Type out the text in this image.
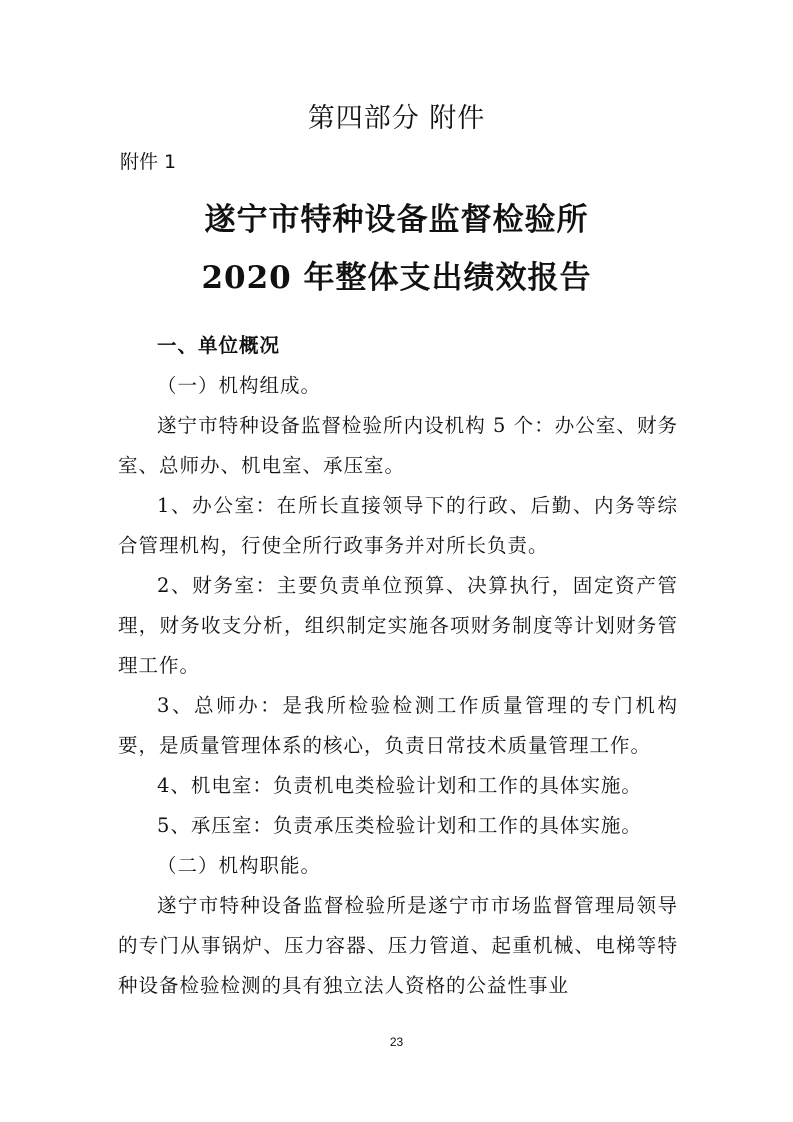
第四部分 附件
附件 1
遂宁市特种设备监督检验所
2020 年整体支出绩效报告

一、单位概况

（一）机构组成。

遂宁市特种设备监督检验所内设机构 5 个：办公室、财务室、总师办、机电室、承压室。

1、办公室：在所长直接领导下的行政、后勤、内务等综合管理机构，行使全所行政事务并对所长负责。

2、财务室：主要负责单位预算、决算执行，固定资产管理，财务收支分析，组织制定实施各项财务制度等计划财务管理工作。

3、总师办：是我所检验检测工作质量管理的专门机构要，是质量管理体系的核心，负责日常技术质量管理工作。

4、机电室：负责机电类检验计划和工作的具体实施。

5、承压室：负责承压类检验计划和工作的具体实施。

（二）机构职能。

遂宁市特种设备监督检验所是遂宁市市场监督管理局领导的专门从事锅炉、压力容器、压力管道、起重机械、电梯等特种设备检验检测的具有独立法人资格的公益性事业

23
